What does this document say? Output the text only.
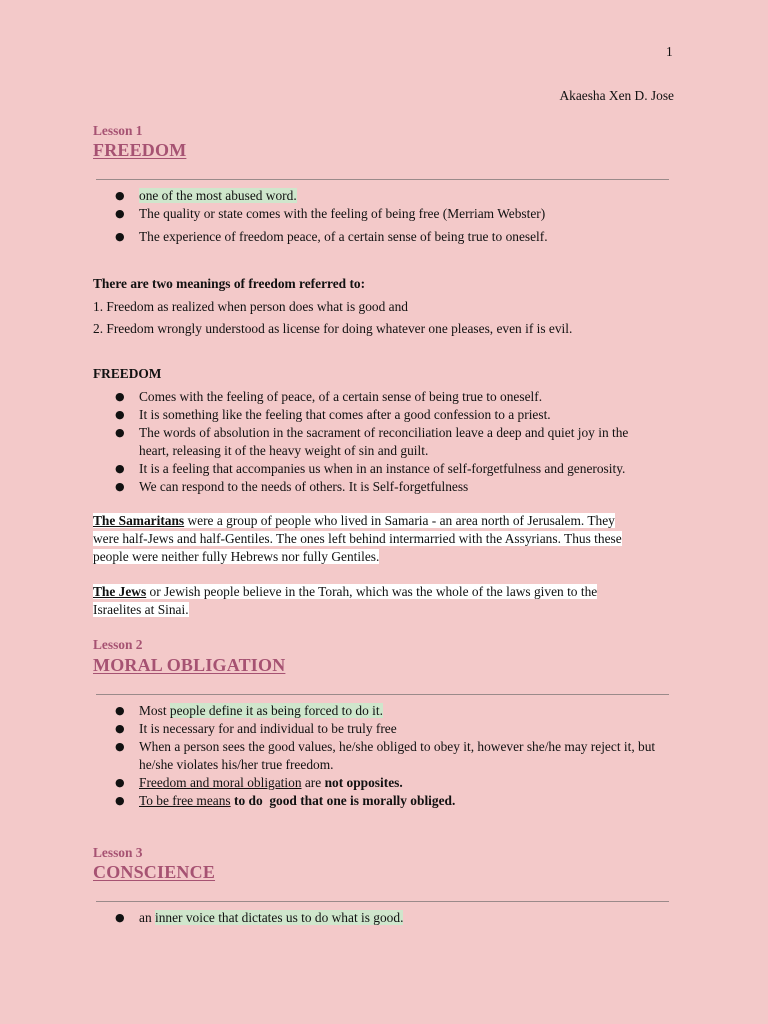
1
Akaesha Xen D. Jose
Lesson 1
FREEDOM
● one of the most abused word.
● The quality or state comes with the feeling of being free (Merriam Webster)
● The experience of freedom peace, of a certain sense of being true to oneself.
There are two meanings of freedom referred to:
1. Freedom as realized when person does what is good and
2. Freedom wrongly understood as license for doing whatever one pleases, even if is evil.
FREEDOM
● Comes with the feeling of peace, of a certain sense of being true to oneself.
● It is something like the feeling that comes after a good confession to a priest.
● The words of absolution in the sacrament of reconciliation leave a deep and quiet joy in the heart, releasing it of the heavy weight of sin and guilt.
● It is a feeling that accompanies us when in an instance of self-forgetfulness and generosity.
● We can respond to the needs of others. It is Self-forgetfulness
The Samaritans were a group of people who lived in Samaria - an area north of Jerusalem. They
were half-Jews and half-Gentiles. The ones left behind intermarried with the Assyrians. Thus these
people were neither fully Hebrews nor fully Gentiles.
The Jews or Jewish people believe in the Torah, which was the whole of the laws given to the
Israelites at Sinai.
Lesson 2
MORAL OBLIGATION
● Most people define it as being forced to do it.
● It is necessary for and individual to be truly free
● When a person sees the good values, he/she obliged to obey it, however she/he may reject it, but he/she violates his/her true freedom.
● Freedom and moral obligation are not opposites.
● To be free means to do  good that one is morally obliged.
Lesson 3
CONSCIENCE
● an inner voice that dictates us to do what is good.
